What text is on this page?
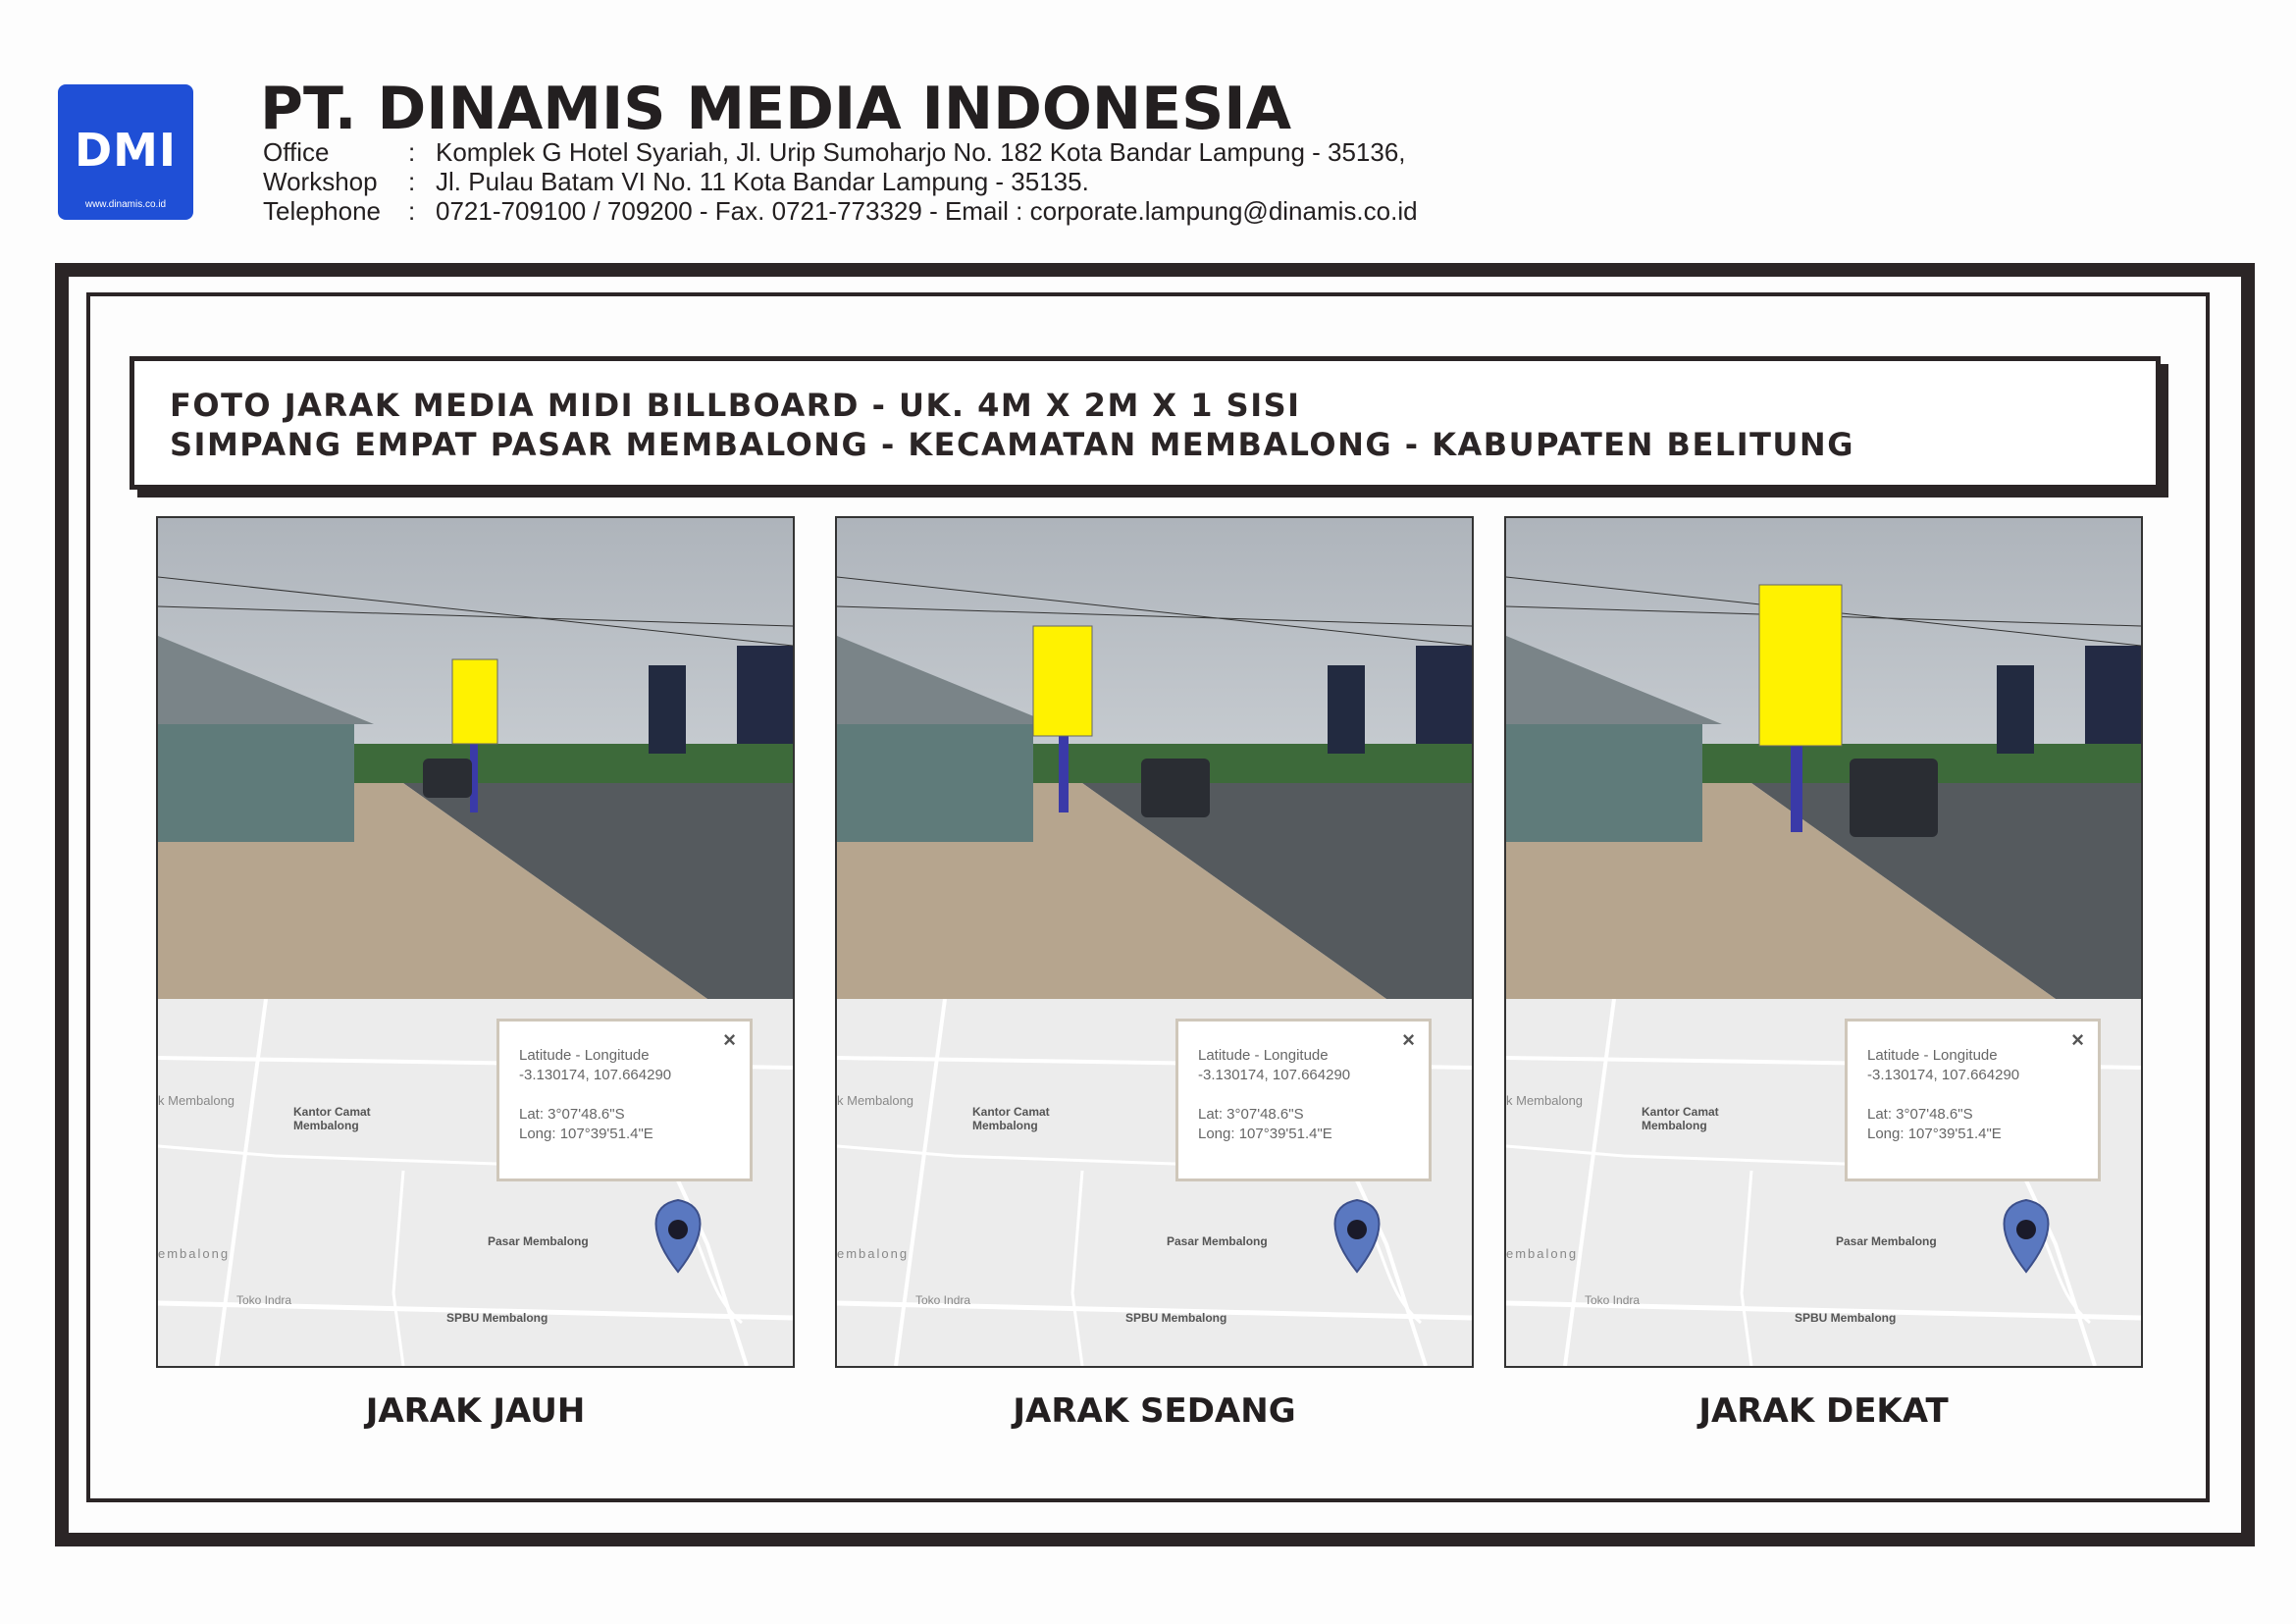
DMI
www.dinamis.co.id
PT. DINAMIS MEDIA INDONESIA
Office	: Komplek G Hotel Syariah, Jl. Urip Sumoharjo No. 182 Kota Bandar Lampung - 35136,
Workshop	: Jl. Pulau Batam VI No. 11 Kota Bandar Lampung - 35135.
Telephone	: 0721-709100 / 709200 - Fax. 0721-773329 - Email : corporate.lampung@dinamis.co.id
FOTO JARAK MEDIA MIDI BILLBOARD - UK. 4M X 2M X 1 SISI
SIMPANG EMPAT PASAR MEMBALONG - KECAMATAN MEMBALONG - KABUPATEN BELITUNG
k Membalong
Kantor Camat
Membalong
embalong
Pasar Membalong
Toko Indra
SPBU Membalong
×
Latitude - Longitude
-3.130174, 107.664290
Lat: 3°07'48.6"S
Long: 107°39'51.4"E
k Membalong
Kantor Camat
Membalong
embalong
Pasar Membalong
Toko Indra
SPBU Membalong
×
Latitude - Longitude
-3.130174, 107.664290
Lat: 3°07'48.6"S
Long: 107°39'51.4"E
k Membalong
Kantor Camat
Membalong
embalong
Pasar Membalong
Toko Indra
SPBU Membalong
×
Latitude - Longitude
-3.130174, 107.664290
Lat: 3°07'48.6"S
Long: 107°39'51.4"E
JARAK JAUH	JARAK SEDANG	JARAK DEKAT
